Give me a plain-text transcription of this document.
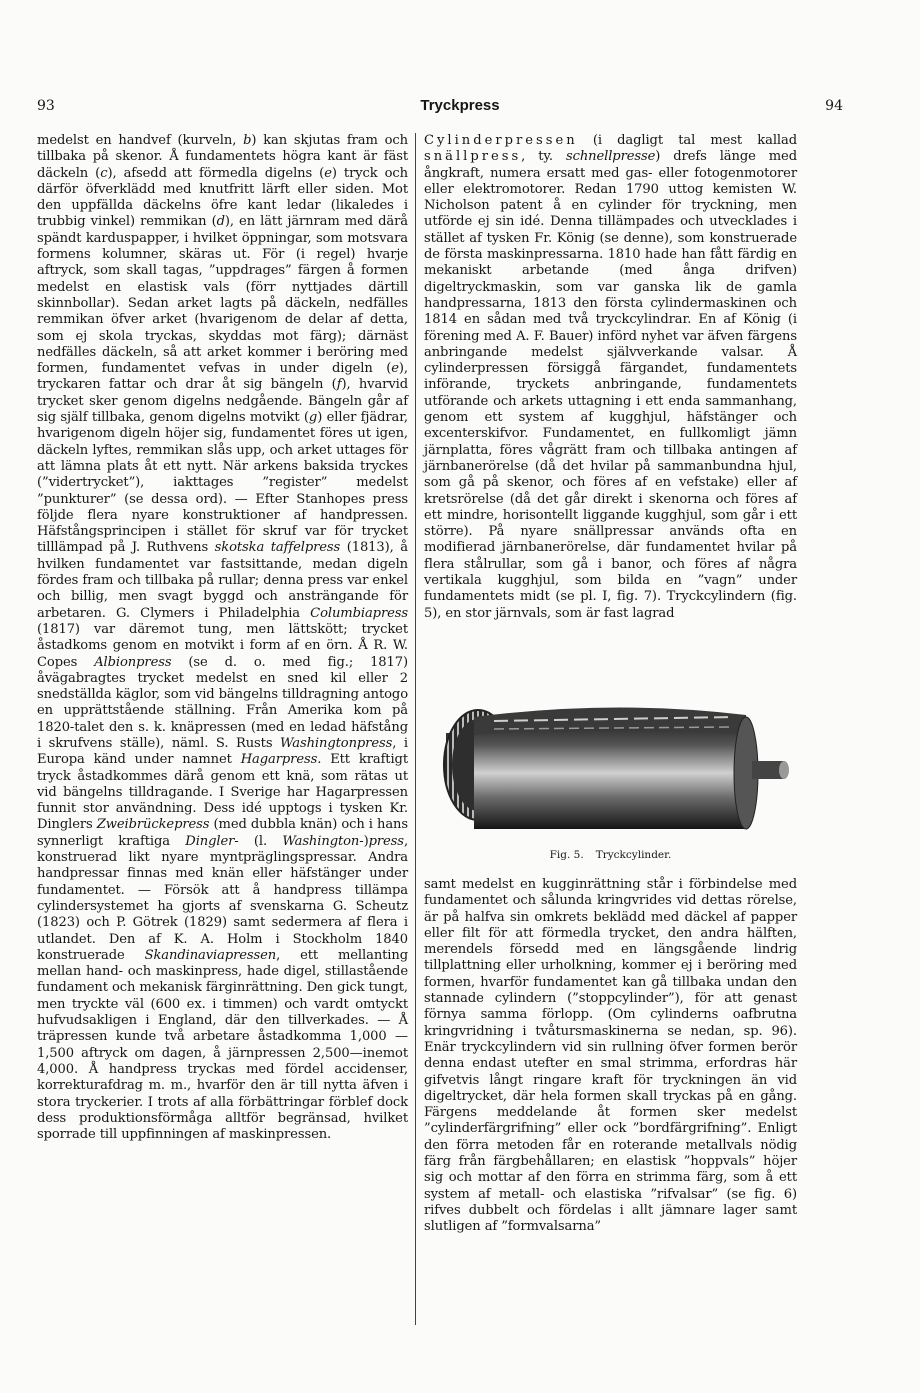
93	Tryckpress	94

medelst en handvef (kurveln, b) kan skjutas fram och tillbaka på skenor. Å fundamentets högra kant är fäst däckeln (c), afsedd att förmedla digelns (e) tryck och därför öfverklädd med knutfritt lärft eller siden. Mot den uppfällda däckelns öfre kant ledar (likaledes i trubbig vinkel) remmikan (d), en lätt järnram med därå spändt karduspapper, i hvilket öppningar, som motsvara formens kolumner, skäras ut. För (i regel) hvarje aftryck, som skall tagas, ”uppdrages” färgen å formen medelst en elastisk vals (förr nyttjades därtill skinnbollar). Sedan arket lagts på däckeln, nedfälles remmikan öfver arket (hvarigenom de delar af detta, som ej skola tryckas, skyddas mot färg); därnäst nedfälles däckeln, så att arket kommer i beröring med formen, fundamentet vefvas in under digeln (e), tryckaren fattar och drar åt sig bängeln (f), hvarvid trycket sker genom digelns nedgående. Bängeln går af sig själf tillbaka, genom digelns motvikt (g) eller fjädrar, hvarigenom digeln höjer sig, fundamentet föres ut igen, däckeln lyftes, remmikan slås upp, och arket uttages för att lämna plats åt ett nytt. När arkens baksida tryckes (”vidertrycket”), iakttages ”register” medelst ”punkturer” (se dessa ord). — Efter Stanhopes press följde flera nyare konstruktioner af handpressen. Häfstångsprincipen i stället för skruf var för trycket tilllämpad på J. Ruthvens skotska taffelpress (1813), å hvilken fundamentet var fastsittande, medan digeln fördes fram och tillbaka på rullar; denna press var enkel och billig, men svagt byggd och ansträngande för arbetaren. G. Clymers i Philadelphia Columbiapress (1817) var däremot tung, men lättskött; trycket åstadkoms genom en motvikt i form af en örn. Å R. W. Copes Albionpress (se d. o. med fig.; 1817) åvägabragtes trycket medelst en sned kil eller 2 snedställda käglor, som vid bängelns tilldragning antogo en upprättstående ställning. Från Amerika kom på 1820-talet den s. k. knäpressen (med en ledad häfstång i skrufvens ställe), näml. S. Rusts Washingtonpress, i Europa känd under namnet Hagarpress. Ett kraftigt tryck åstadkommes därå genom ett knä, som rätas ut vid bängelns tilldragande. I Sverige har Hagarpressen funnit stor användning. Dess idé upptogs i tysken Kr. Dinglers Zweibrückepress (med dubbla knän) och i hans synnerligt kraftiga Dingler- (l. Washington-)press, konstruerad likt nyare myntpräglingspressar. Andra handpressar finnas med knän eller häfstänger under fundamentet. — Försök att å handpress tillämpa cylindersystemet ha gjorts af svenskarna G. Scheutz (1823) och P. Götrek (1829) samt sedermera af flera i utlandet. Den af K. A. Holm i Stockholm 1840 konstruerade Skandinaviapressen, ett mellanting mellan hand- och maskinpress, hade digel, stillastående fundament och mekanisk färginrättning. Den gick tungt, men tryckte väl (600 ex. i timmen) och vardt omtyckt hufvudsakligen i England, där den tillverkades. — Å träpressen kunde två arbetare åstadkomma 1,000 —1,500 aftryck om dagen, å järnpressen 2,500—inemot 4,000. Å handpress tryckas med fördel accidenser, korrekturafdrag m. m., hvarför den är till nytta äfven i stora tryckerier. I trots af alla förbättringar förblef dock dess produktionsförmåga alltför begränsad, hvilket sporrade till uppfinningen af maskinpressen.

Cylinderpressen (i dagligt tal mest kallad snällpress, ty. schnellpresse) drefs länge med ångkraft, numera ersatt med gas- eller fotogenmotorer eller elektromotorer. Redan 1790 uttog kemisten W. Nicholson patent å en cylinder för tryckning, men utförde ej sin idé. Denna tillämpades och utvecklades i stället af tysken Fr. König (se denne), som konstruerade de första maskinpressarna. 1810 hade han fått färdig en mekaniskt arbetande (med ånga drifven) digeltryckmaskin, som var ganska lik de gamla handpressarna, 1813 den första cylindermaskinen och 1814 en sådan med två tryckcylindrar. En af König (i förening med A. F. Bauer) införd nyhet var äfven färgens anbringande medelst självverkande valsar. Å cylinderpressen försiggå färgandet, fundamentets införande, tryckets anbringande, fundamentets utförande och arkets uttagning i ett enda sammanhang, genom ett system af kugghjul, häfstänger och excenterskifvor. Fundamentet, en fullkomligt jämn järnplatta, föres vågrätt fram och tillbaka antingen af järnbanerörelse (då det hvilar på sammanbundna hjul, som gå på skenor, och föres af en vefstake) eller af kretsrörelse (då det går direkt i skenorna och föres af ett mindre, horisontellt liggande kugghjul, som går i ett större). På nyare snällpressar används ofta en modifierad järnbanerörelse, där fundamentet hvilar på flera stålrullar, som gå i banor, och föres af några vertikala kugghjul, som bilda en ”vagn” under fundamentets midt (se pl. I, fig. 7). Tryckcylindern (fig. 5), en stor järnvals, som är fast lagrad

Fig. 5. Tryckcylinder.

samt medelst en kugginrättning står i förbindelse med fundamentet och sålunda kringvrides vid dettas rörelse, är på halfva sin omkrets beklädd med däckel af papper eller filt för att förmedla trycket, den andra hälften, merendels försedd med en längsgående lindrig tillplattning eller urholkning, kommer ej i beröring med formen, hvarför fundamentet kan gå tillbaka undan den stannade cylindern (”stoppcylinder”), för att genast förnya samma förlopp. (Om cylinderns oafbrutna kringvridning i tvåtursmaskinerna se nedan, sp. 96). Enär tryckcylindern vid sin rullning öfver formen berör denna endast utefter en smal strimma, erfordras här gifvetvis långt ringare kraft för tryckningen än vid digeltrycket, där hela formen skall tryckas på en gång. Färgens meddelande åt formen sker medelst ”cylinderfärgrifning” eller ock ”bordfärgrifning”. Enligt den förra metoden får en roterande metallvals nödig färg från färgbehållaren; en elastisk ”hoppvals” höjer sig och mottar af den förra en strimma färg, som å ett system af metall- och elastiska ”rifvalsar” (se fig. 6) rifves dubbelt och fördelas i allt jämnare lager samt slutligen af ”formvalsarna”
